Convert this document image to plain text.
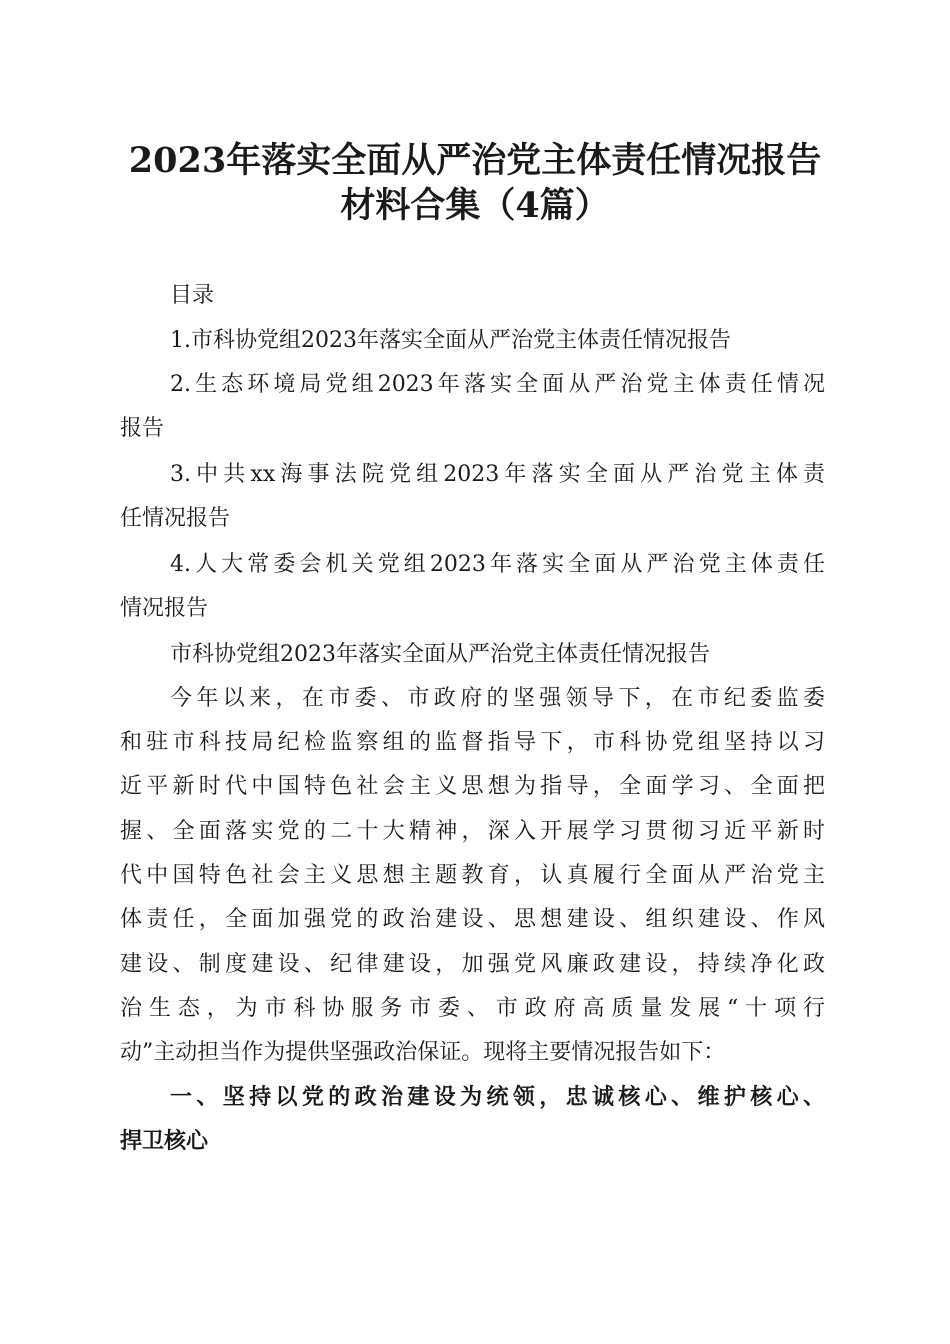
2023年落实全面从严治党主体责任情况报告
材料合集（4篇）
目录
1.市科协党组2023年落实全面从严治党主体责任情况报告
2.生态环境局党组2023年落实全面从严治党主体责任情况
报告
3.中共xx海事法院党组2023年落实全面从严治党主体责
任情况报告
4.人大常委会机关党组2023年落实全面从严治党主体责任
情况报告
市科协党组2023年落实全面从严治党主体责任情况报告
今年以来，在市委、市政府的坚强领导下，在市纪委监委
和驻市科技局纪检监察组的监督指导下，市科协党组坚持以习
近平新时代中国特色社会主义思想为指导，全面学习、全面把
握、全面落实党的二十大精神，深入开展学习贯彻习近平新时
代中国特色社会主义思想主题教育，认真履行全面从严治党主
体责任，全面加强党的政治建设、思想建设、组织建设、作风
建设、制度建设、纪律建设，加强党风廉政建设，持续净化政
治生态，为市科协服务市委、市政府高质量发展“十项行
动”主动担当作为提供坚强政治保证。现将主要情况报告如下：
一、坚持以党的政治建设为统领，忠诚核心、维护核心、
捍卫核心
